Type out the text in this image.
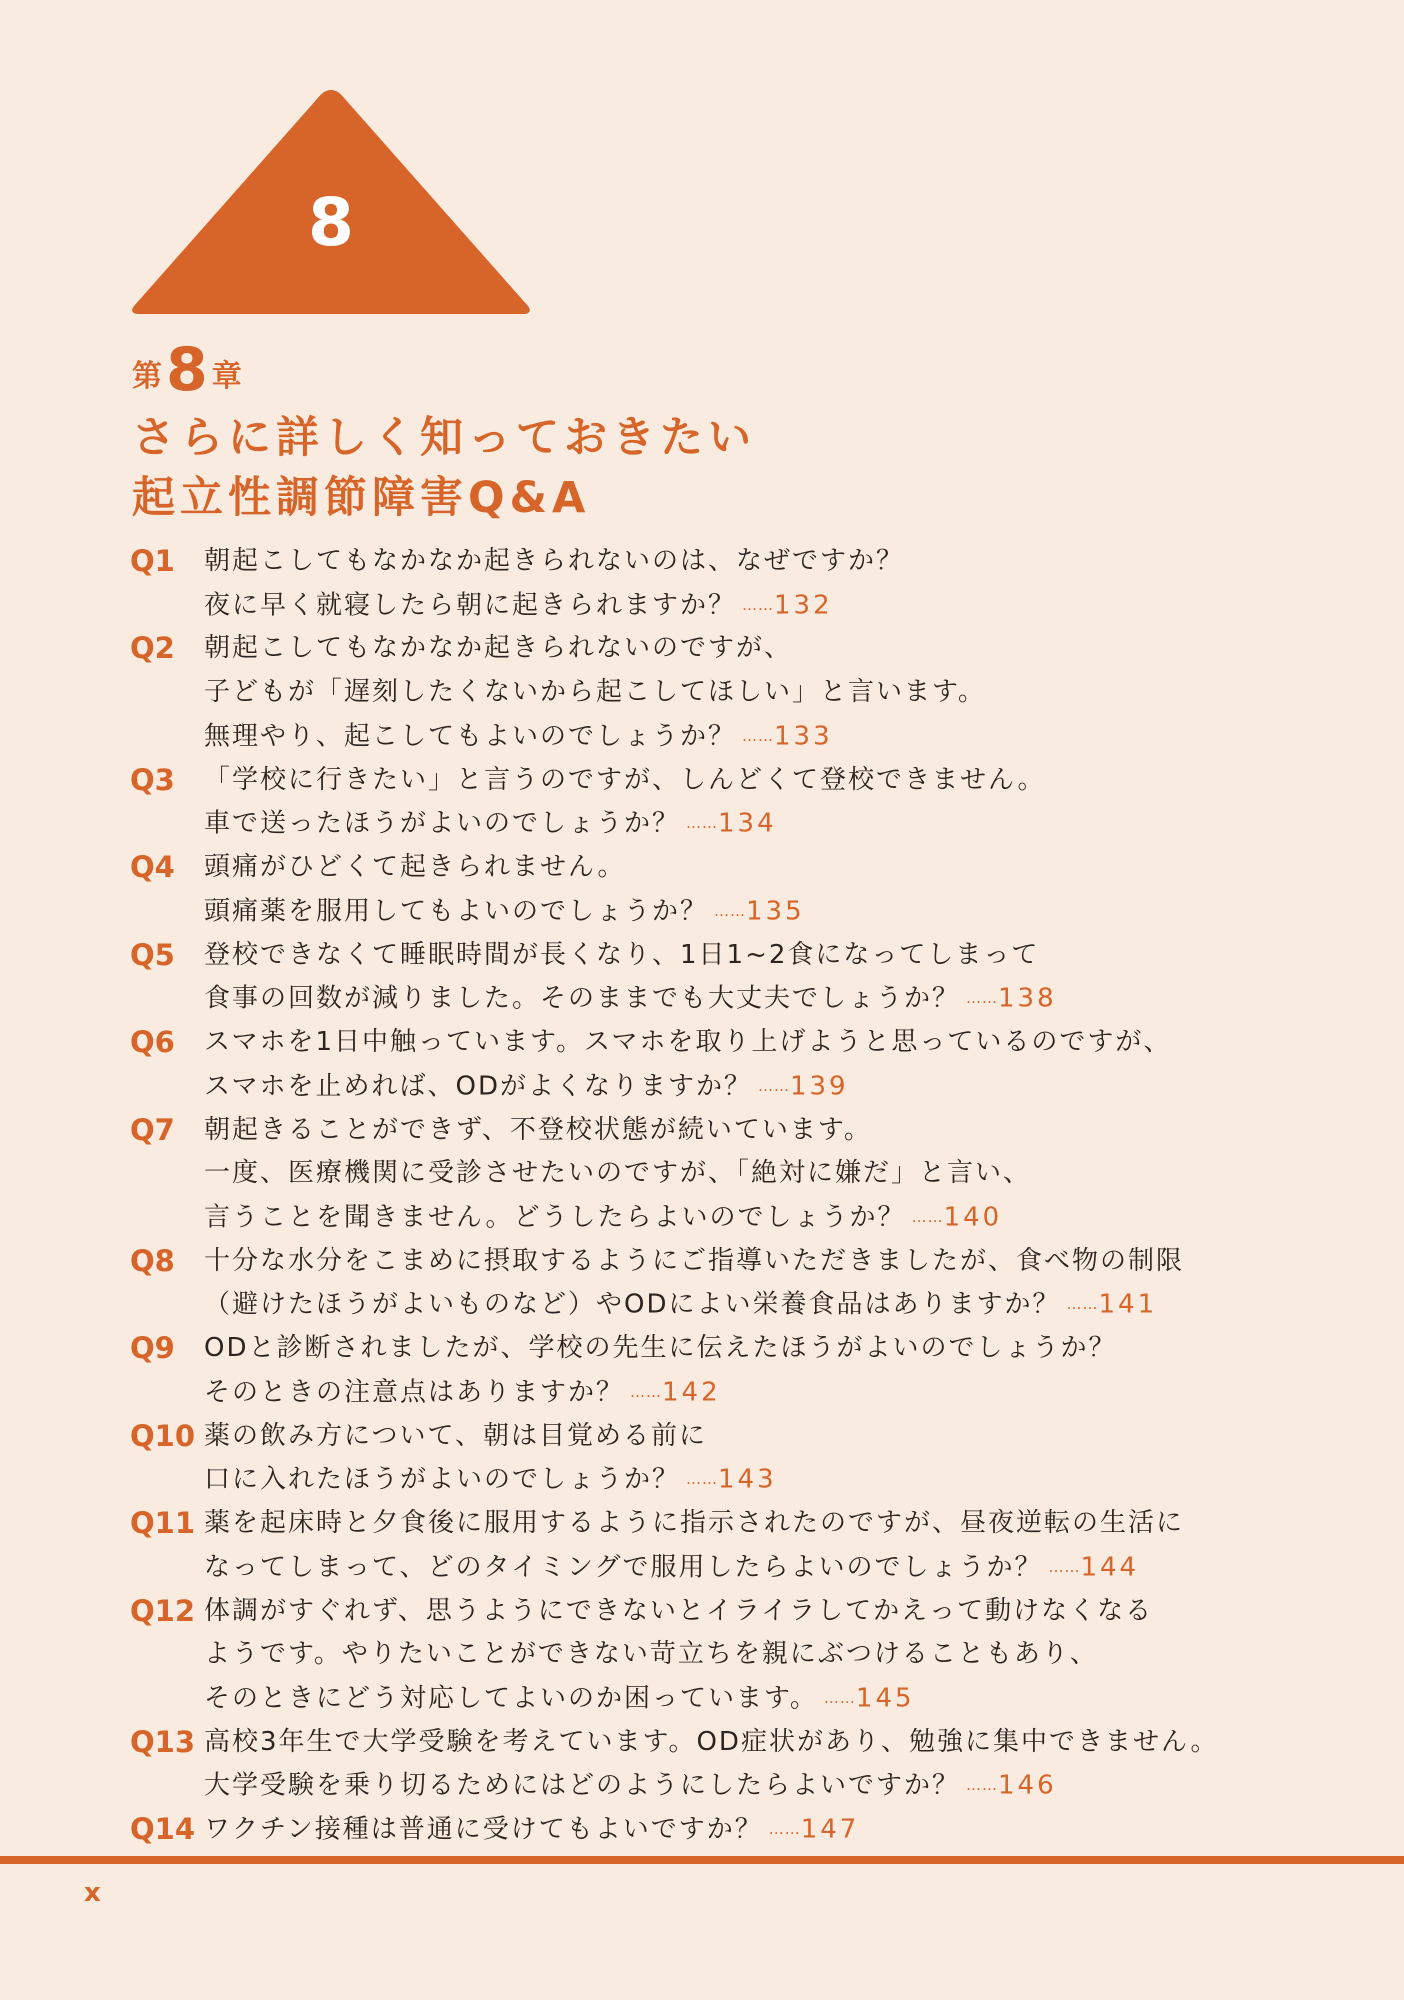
8
第 8 章
さらに詳しく知っておきたい
起立性調節障害Q&A
Q1	朝起こしてもなかなか起きられないのは、なぜですか？
夜に早く就寝したら朝に起きられますか？ ……132
Q2	朝起こしてもなかなか起きられないのですが、
子どもが「遅刻したくないから起こしてほしい」と言います。
無理やり、起こしてもよいのでしょうか？ ……133
Q3	「学校に行きたい」と言うのですが、しんどくて登校できません。
車で送ったほうがよいのでしょうか？ ……134
Q4	頭痛がひどくて起きられません。
頭痛薬を服用してもよいのでしょうか？ ……135
Q5	登校できなくて睡眠時間が長くなり、1日1~2食になってしまって
食事の回数が減りました。そのままでも大丈夫でしょうか？ ……138
Q6	スマホを1日中触っています。スマホを取り上げようと思っているのですが、
スマホを止めれば、ODがよくなりますか？ ……139
Q7	朝起きることができず、不登校状態が続いています。
一度、医療機関に受診させたいのですが、「絶対に嫌だ」と言い、
言うことを聞きません。どうしたらよいのでしょうか？ ……140
Q8	十分な水分をこまめに摂取するようにご指導いただきましたが、食べ物の制限
（避けたほうがよいものなど）やODによい栄養食品はありますか？ ……141
Q9	ODと診断されましたが、学校の先生に伝えたほうがよいのでしょうか？
そのときの注意点はありますか？ ……142
Q10 薬の飲み方について、朝は目覚める前に
口に入れたほうがよいのでしょうか？ ……143
Q11 薬を起床時と夕食後に服用するように指示されたのですが、昼夜逆転の生活に
なってしまって、どのタイミングで服用したらよいのでしょうか？ ……144
Q12 体調がすぐれず、思うようにできないとイライラしてかえって動けなくなる
ようです。やりたいことができない苛立ちを親にぶつけることもあり、
そのときにどう対応してよいのか困っています。 ……145
Q13 高校3年生で大学受験を考えています。OD症状があり、勉強に集中できません。
大学受験を乗り切るためにはどのようにしたらよいですか？ ……146
Q14 ワクチン接種は普通に受けてもよいですか？ ……147
x
